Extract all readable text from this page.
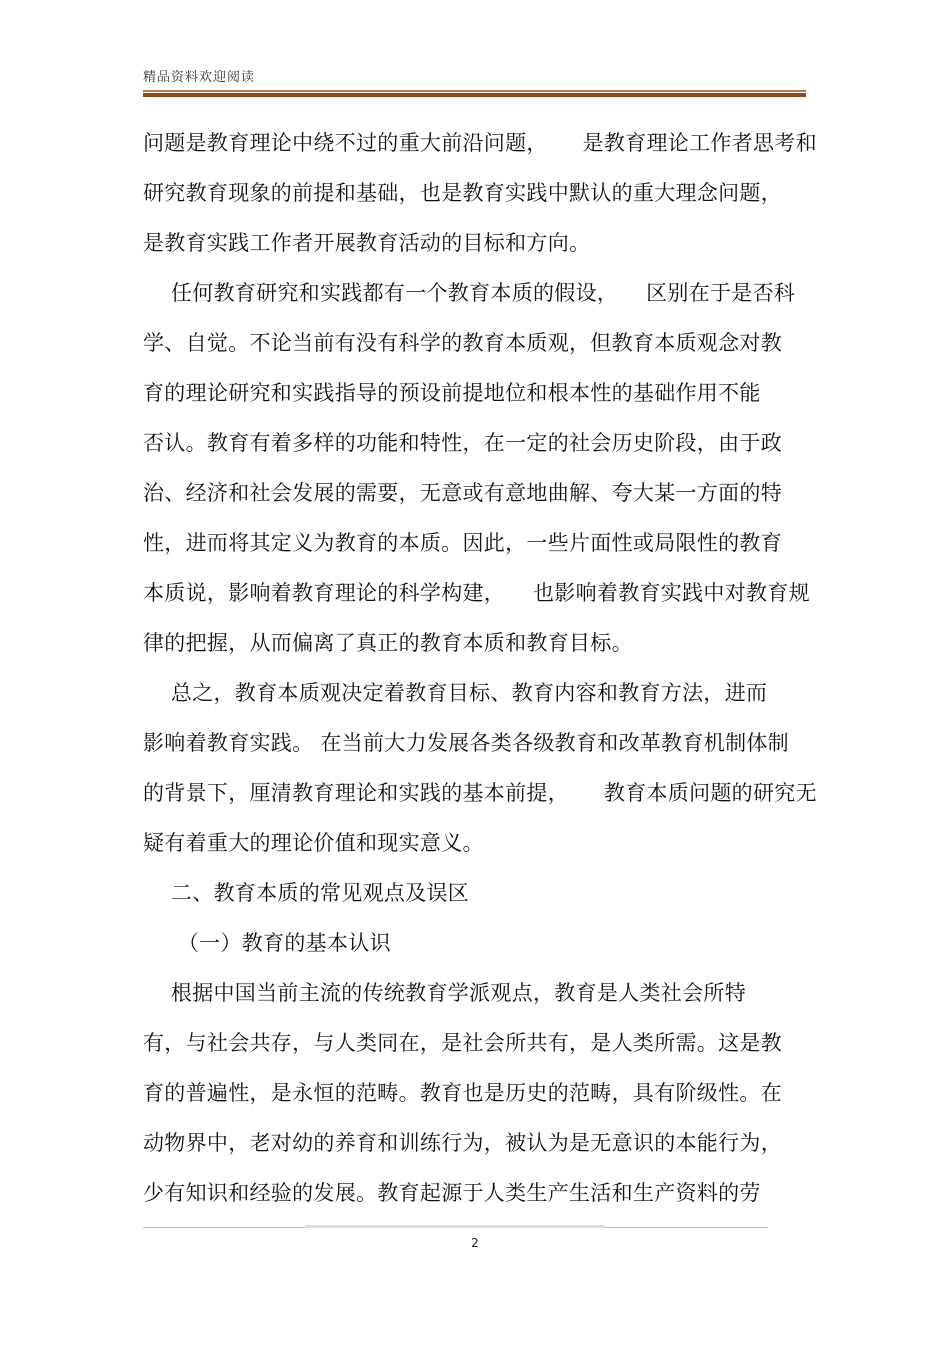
精品资料欢迎阅读
问题是教育理论中绕不过的重大前沿问题，     是教育理论工作者思考和
研究教育现象的前提和基础，也是教育实践中默认的重大理念问题，
是教育实践工作者开展教育活动的目标和方向。
任何教育研究和实践都有一个教育本质的假设，    区别在于是否科
学、自觉。不论当前有没有科学的教育本质观，但教育本质观念对教
育的理论研究和实践指导的预设前提地位和根本性的基础作用不能
否认。教育有着多样的功能和特性，在一定的社会历史阶段，由于政
治、经济和社会发展的需要，无意或有意地曲解、夸大某一方面的特
性，进而将其定义为教育的本质。因此，一些片面性或局限性的教育
本质说，影响着教育理论的科学构建，    也影响着教育实践中对教育规
律的把握，从而偏离了真正的教育本质和教育目标。
总之，教育本质观决定着教育目标、教育内容和教育方法，进而
影响着教育实践。 在当前大力发展各类各级教育和改革教育机制体制
的背景下，厘清教育理论和实践的基本前提，     教育本质问题的研究无
疑有着重大的理论价值和现实意义。
二、教育本质的常见观点及误区
（一）教育的基本认识
根据中国当前主流的传统教育学派观点，教育是人类社会所特
有，与社会共存，与人类同在，是社会所共有，是人类所需。这是教
育的普遍性，是永恒的范畴。教育也是历史的范畴，具有阶级性。在
动物界中，老对幼的养育和训练行为，被认为是无意识的本能行为，
少有知识和经验的发展。教育起源于人类生产生活和生产资料的劳
2
